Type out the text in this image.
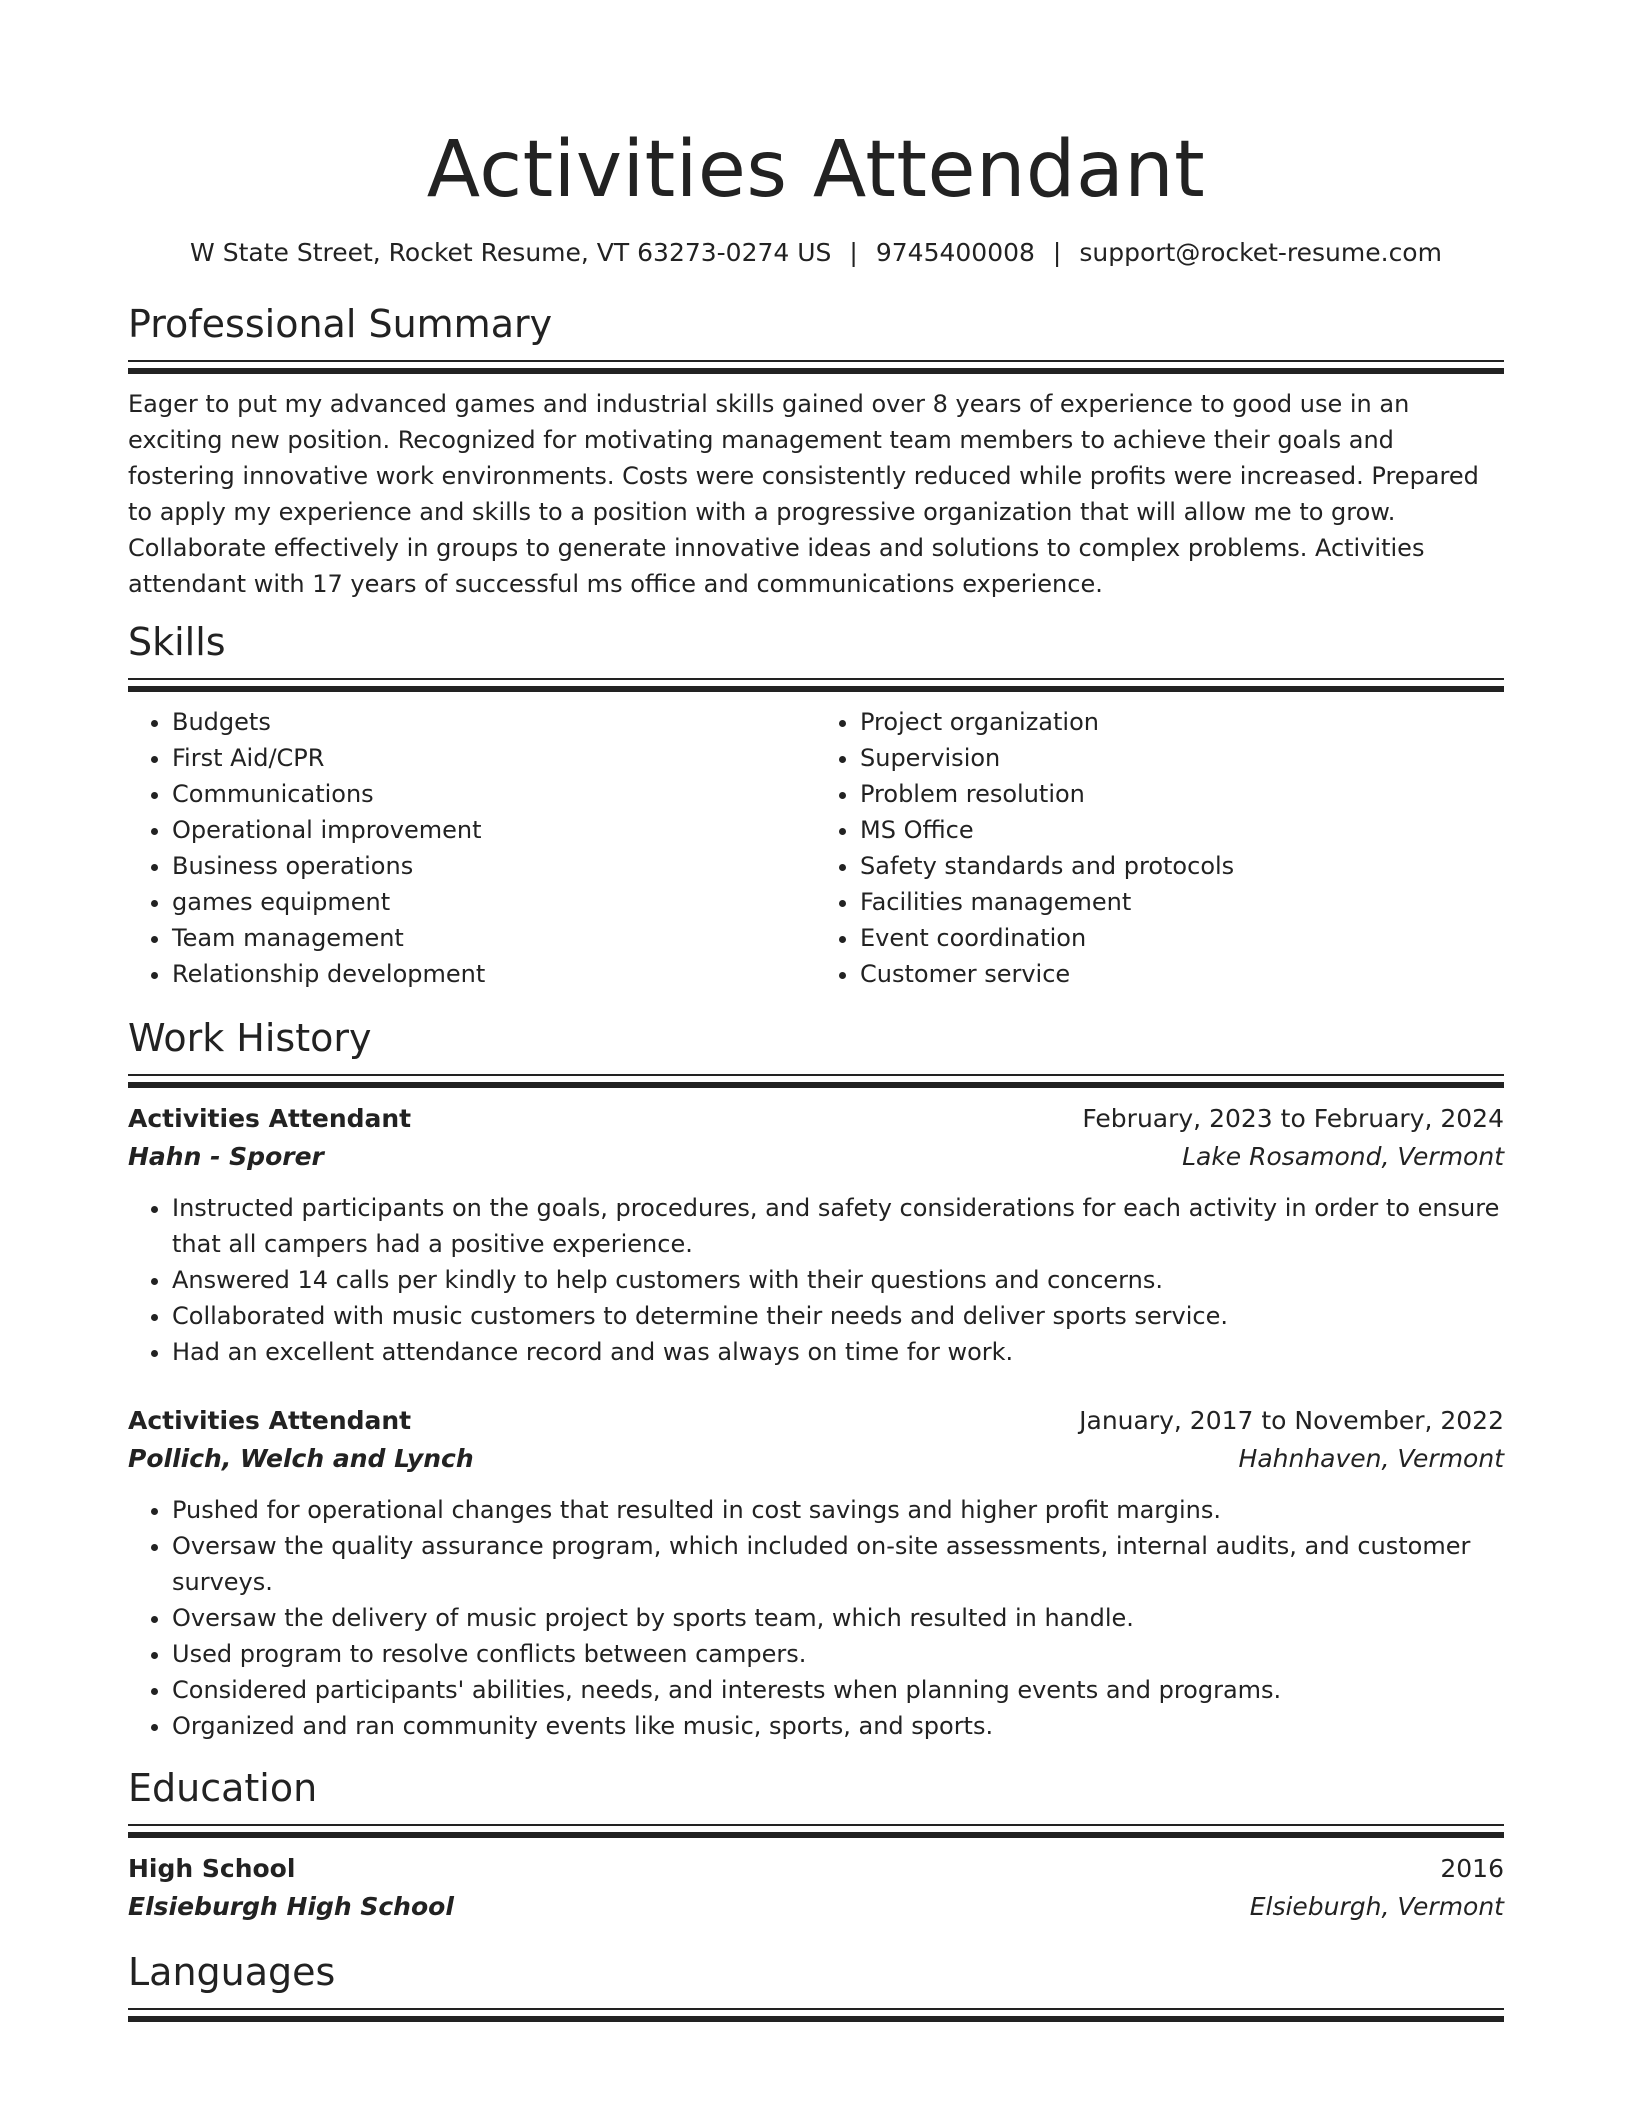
Activities Attendant
W State Street, Rocket Resume, VT 63273-0274 US | 9745400008 | support@rocket-resume.com
Professional Summary

Eager to put my advanced games and industrial skills gained over 8 years of experience to good use in an exciting new position. Recognized for motivating management team members to achieve their goals and fostering innovative work environments. Costs were consistently reduced while profits were increased. Prepared to apply my experience and skills to a position with a progressive organization that will allow me to grow. Collaborate effectively in groups to generate innovative ideas and solutions to complex problems. Activities attendant with 17 years of successful ms office and communications experience.

Skills
• Budgets
• First Aid/CPR
• Communications
• Operational improvement
• Business operations
• games equipment
• Team management
• Relationship development
• Project organization
• Supervision
• Problem resolution
• MS Office
• Safety standards and protocols
• Facilities management
• Event coordination
• Customer service
Work History
Activities Attendant	February, 2023 to February, 2024
Hahn - Sporer	Lake Rosamond, Vermont
• Instructed participants on the goals, procedures, and safety considerations for each activity in order to ensure that all campers had a positive experience.
• Answered 14 calls per kindly to help customers with their questions and concerns.
• Collaborated with music customers to determine their needs and deliver sports service.
• Had an excellent attendance record and was always on time for work.
Activities Attendant	January, 2017 to November, 2022
Pollich, Welch and Lynch	Hahnhaven, Vermont
• Pushed for operational changes that resulted in cost savings and higher profit margins.
• Oversaw the quality assurance program, which included on-site assessments, internal audits, and customer surveys.
• Oversaw the delivery of music project by sports team, which resulted in handle.
• Used program to resolve conflicts between campers.
• Considered participants' abilities, needs, and interests when planning events and programs.
• Organized and ran community events like music, sports, and sports.
Education
High School	2016
Elsieburgh High School	Elsieburgh, Vermont
Languages
